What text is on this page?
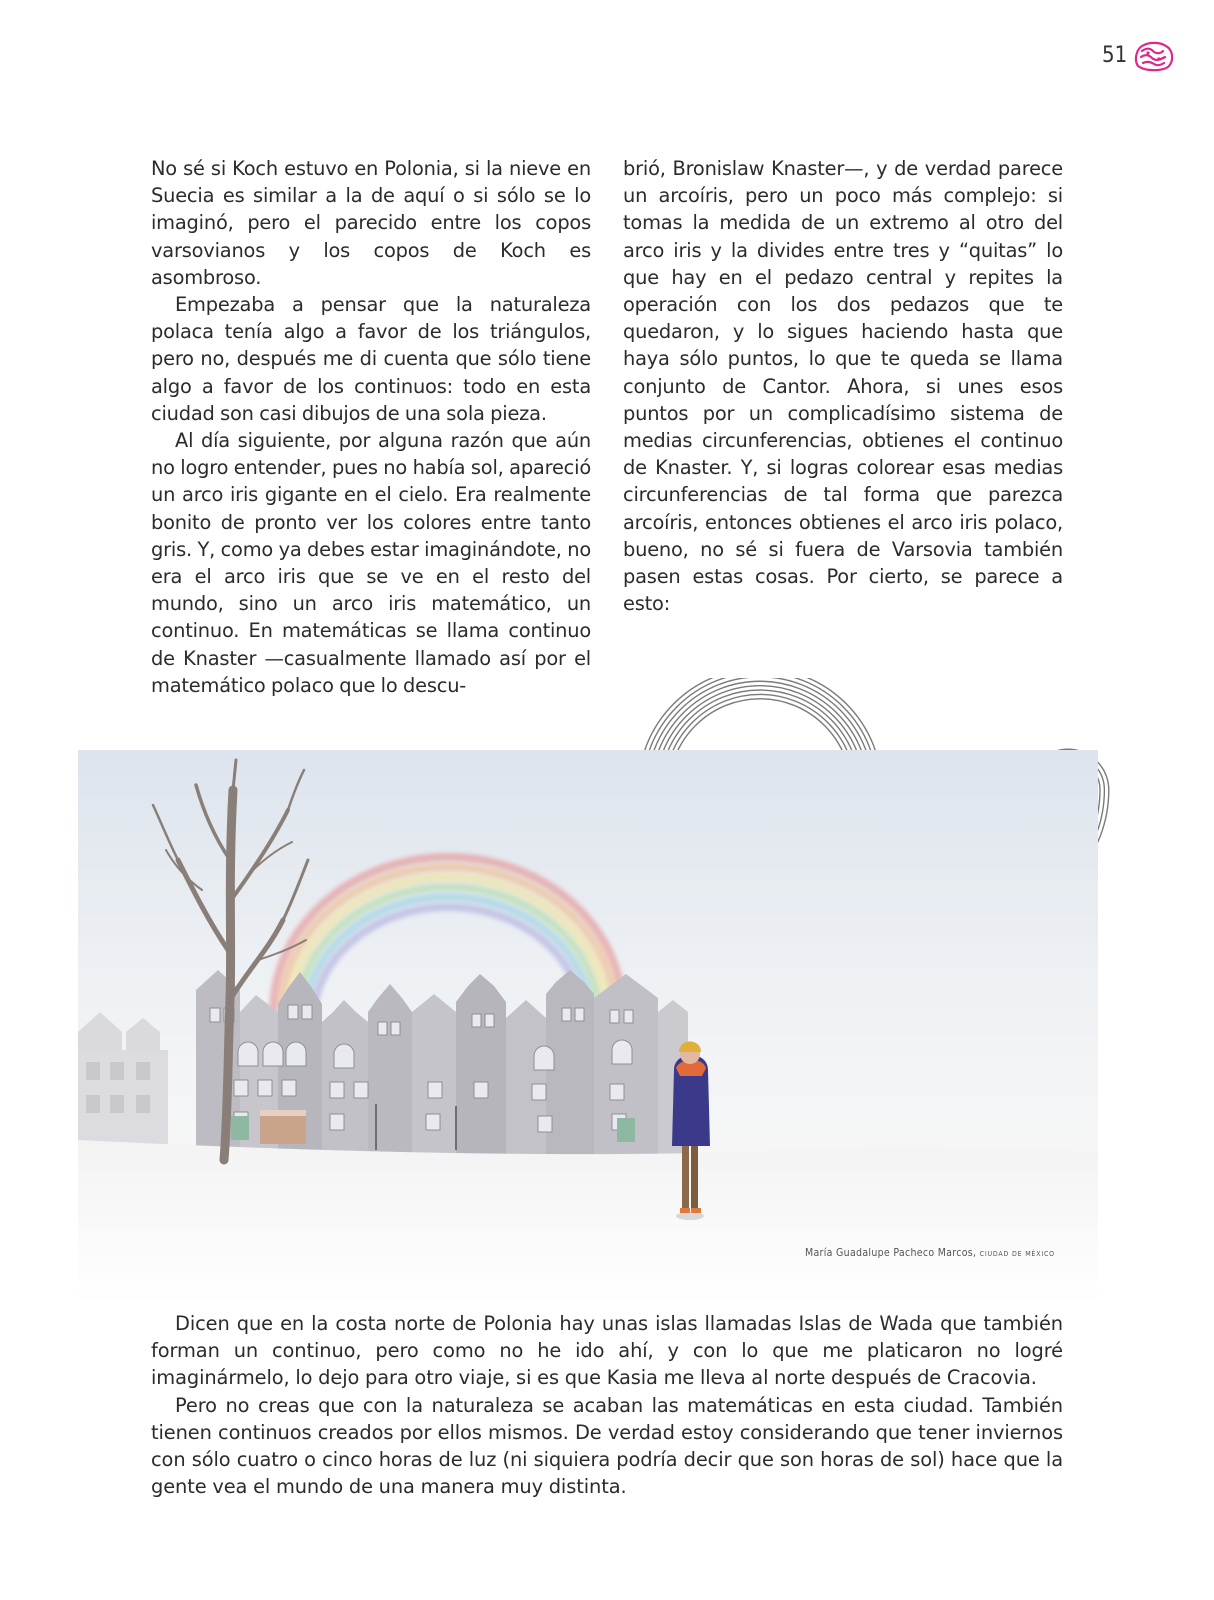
51

No sé si Koch estuvo en Polonia, si la nieve en Suecia es similar a la de aquí o si sólo se lo imaginó, pero el parecido entre los copos varsovianos y los copos de Koch es asombroso.

Empezaba a pensar que la naturaleza polaca tenía algo a favor de los triángulos, pero no, después me di cuenta que sólo tiene algo a favor de los continuos: todo en esta ciudad son casi dibujos de una sola pieza.

Al día siguiente, por alguna razón que aún no logro entender, pues no había sol, apareció un arco iris gigante en el cielo. Era realmente bonito de pronto ver los colores entre tanto gris. Y, como ya debes estar imaginándote, no era el arco iris que se ve en el resto del mundo, sino un arco iris matemático, un continuo. En matemáticas se llama continuo de Knaster —casualmente llamado así por el matemático polaco que lo descu-

brió, Bronislaw Knaster—, y de verdad parece un arcoíris, pero un poco más complejo: si tomas la medida de un extremo al otro del arco iris y la divides entre tres y “quitas” lo que hay en el pedazo central y repites la operación con los dos pedazos que te quedaron, y lo sigues haciendo hasta que haya sólo puntos, lo que te queda se llama conjunto de Cantor. Ahora, si unes esos puntos por un complicadísimo sistema de medias circunferencias, obtienes el continuo de Knaster. Y, si logras colorear esas medias circunferencias de tal forma que parezca arcoíris, entonces obtienes el arco iris polaco, bueno, no sé si fuera de Varsovia también pasen estas cosas. Por cierto, se parece a esto:

María Guadalupe Pacheco Marcos, CIUDAD DE MÉXICO

Dicen que en la costa norte de Polonia hay unas islas llamadas Islas de Wada que también forman un continuo, pero como no he ido ahí, y con lo que me platicaron no logré imaginármelo, lo dejo para otro viaje, si es que Kasia me lleva al norte después de Cracovia.

Pero no creas que con la naturaleza se acaban las matemáticas en esta ciudad. También tienen continuos creados por ellos mismos. De verdad estoy considerando que tener inviernos con sólo cuatro o cinco horas de luz (ni siquiera podría decir que son horas de sol) hace que la gente vea el mundo de una manera muy distinta.
